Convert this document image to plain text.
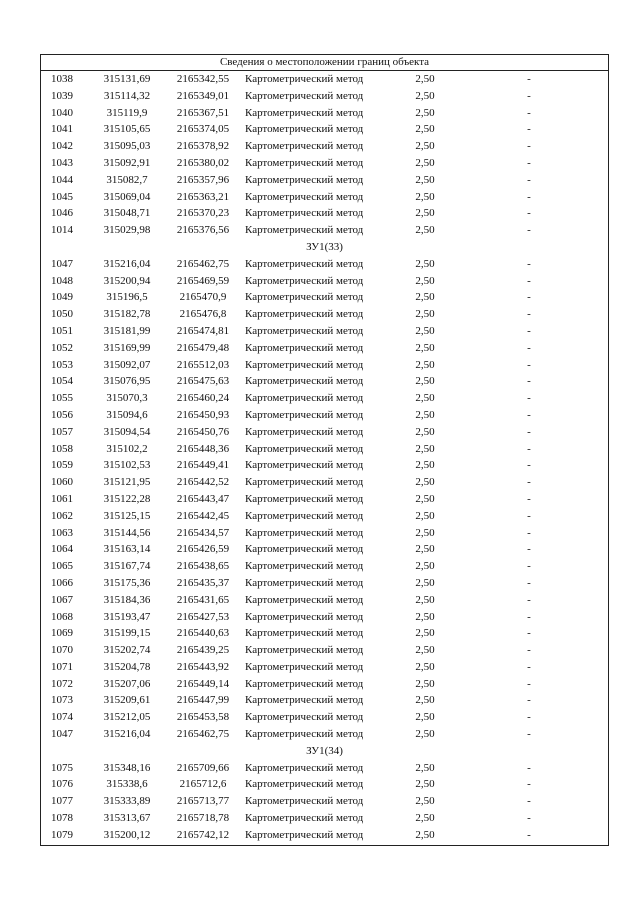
Сведения о местоположении границ объекта
1038	315131,69	2165342,55	Картометрический метод	2,50	-
1039	315114,32	2165349,01	Картометрический метод	2,50	-
1040	315119,9	2165367,51	Картометрический метод	2,50	-
1041	315105,65	2165374,05	Картометрический метод	2,50	-
1042	315095,03	2165378,92	Картометрический метод	2,50	-
1043	315092,91	2165380,02	Картометрический метод	2,50	-
1044	315082,7	2165357,96	Картометрический метод	2,50	-
1045	315069,04	2165363,21	Картометрический метод	2,50	-
1046	315048,71	2165370,23	Картометрический метод	2,50	-
1014	315029,98	2165376,56	Картометрический метод	2,50	-
ЗУ1(33)
1047	315216,04	2165462,75	Картометрический метод	2,50	-
1048	315200,94	2165469,59	Картометрический метод	2,50	-
1049	315196,5	2165470,9	Картометрический метод	2,50	-
1050	315182,78	2165476,8	Картометрический метод	2,50	-
1051	315181,99	2165474,81	Картометрический метод	2,50	-
1052	315169,99	2165479,48	Картометрический метод	2,50	-
1053	315092,07	2165512,03	Картометрический метод	2,50	-
1054	315076,95	2165475,63	Картометрический метод	2,50	-
1055	315070,3	2165460,24	Картометрический метод	2,50	-
1056	315094,6	2165450,93	Картометрический метод	2,50	-
1057	315094,54	2165450,76	Картометрический метод	2,50	-
1058	315102,2	2165448,36	Картометрический метод	2,50	-
1059	315102,53	2165449,41	Картометрический метод	2,50	-
1060	315121,95	2165442,52	Картометрический метод	2,50	-
1061	315122,28	2165443,47	Картометрический метод	2,50	-
1062	315125,15	2165442,45	Картометрический метод	2,50	-
1063	315144,56	2165434,57	Картометрический метод	2,50	-
1064	315163,14	2165426,59	Картометрический метод	2,50	-
1065	315167,74	2165438,65	Картометрический метод	2,50	-
1066	315175,36	2165435,37	Картометрический метод	2,50	-
1067	315184,36	2165431,65	Картометрический метод	2,50	-
1068	315193,47	2165427,53	Картометрический метод	2,50	-
1069	315199,15	2165440,63	Картометрический метод	2,50	-
1070	315202,74	2165439,25	Картометрический метод	2,50	-
1071	315204,78	2165443,92	Картометрический метод	2,50	-
1072	315207,06	2165449,14	Картометрический метод	2,50	-
1073	315209,61	2165447,99	Картометрический метод	2,50	-
1074	315212,05	2165453,58	Картометрический метод	2,50	-
1047	315216,04	2165462,75	Картометрический метод	2,50	-
ЗУ1(34)
1075	315348,16	2165709,66	Картометрический метод	2,50	-
1076	315338,6	2165712,6	Картометрический метод	2,50	-
1077	315333,89	2165713,77	Картометрический метод	2,50	-
1078	315313,67	2165718,78	Картометрический метод	2,50	-
1079	315200,12	2165742,12	Картометрический метод	2,50	-
